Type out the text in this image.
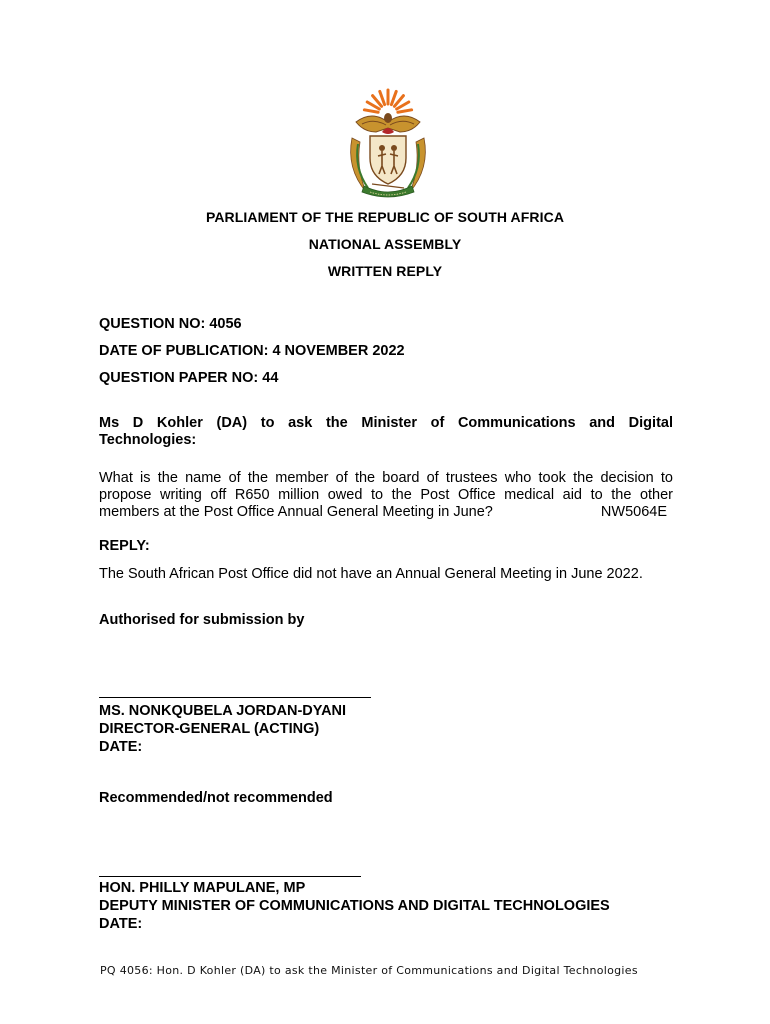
PARLIAMENT OF THE REPUBLIC OF SOUTH AFRICA
NATIONAL ASSEMBLY
WRITTEN REPLY
QUESTION NO: 4056
DATE OF PUBLICATION: 4 NOVEMBER 2022
QUESTION PAPER NO: 44
Ms D Kohler (DA) to ask the Minister of Communications and Digital
Technologies:
What is the name of the member of the board of trustees who took the decision to
propose writing off R650 million owed to the Post Office medical aid to the other
members at the Post Office Annual General Meeting in June?	NW5064E
REPLY:
The South African Post Office did not have an Annual General Meeting in June 2022.
Authorised for submission by
MS. NONKQUBELA JORDAN-DYANI
DIRECTOR-GENERAL (ACTING)
DATE:
Recommended/not recommended
HON. PHILLY MAPULANE, MP
DEPUTY MINISTER OF COMMUNICATIONS AND DIGITAL TECHNOLOGIES
DATE:
PQ 4056: Hon. D Kohler (DA) to ask the Minister of Communications and Digital Technologies
